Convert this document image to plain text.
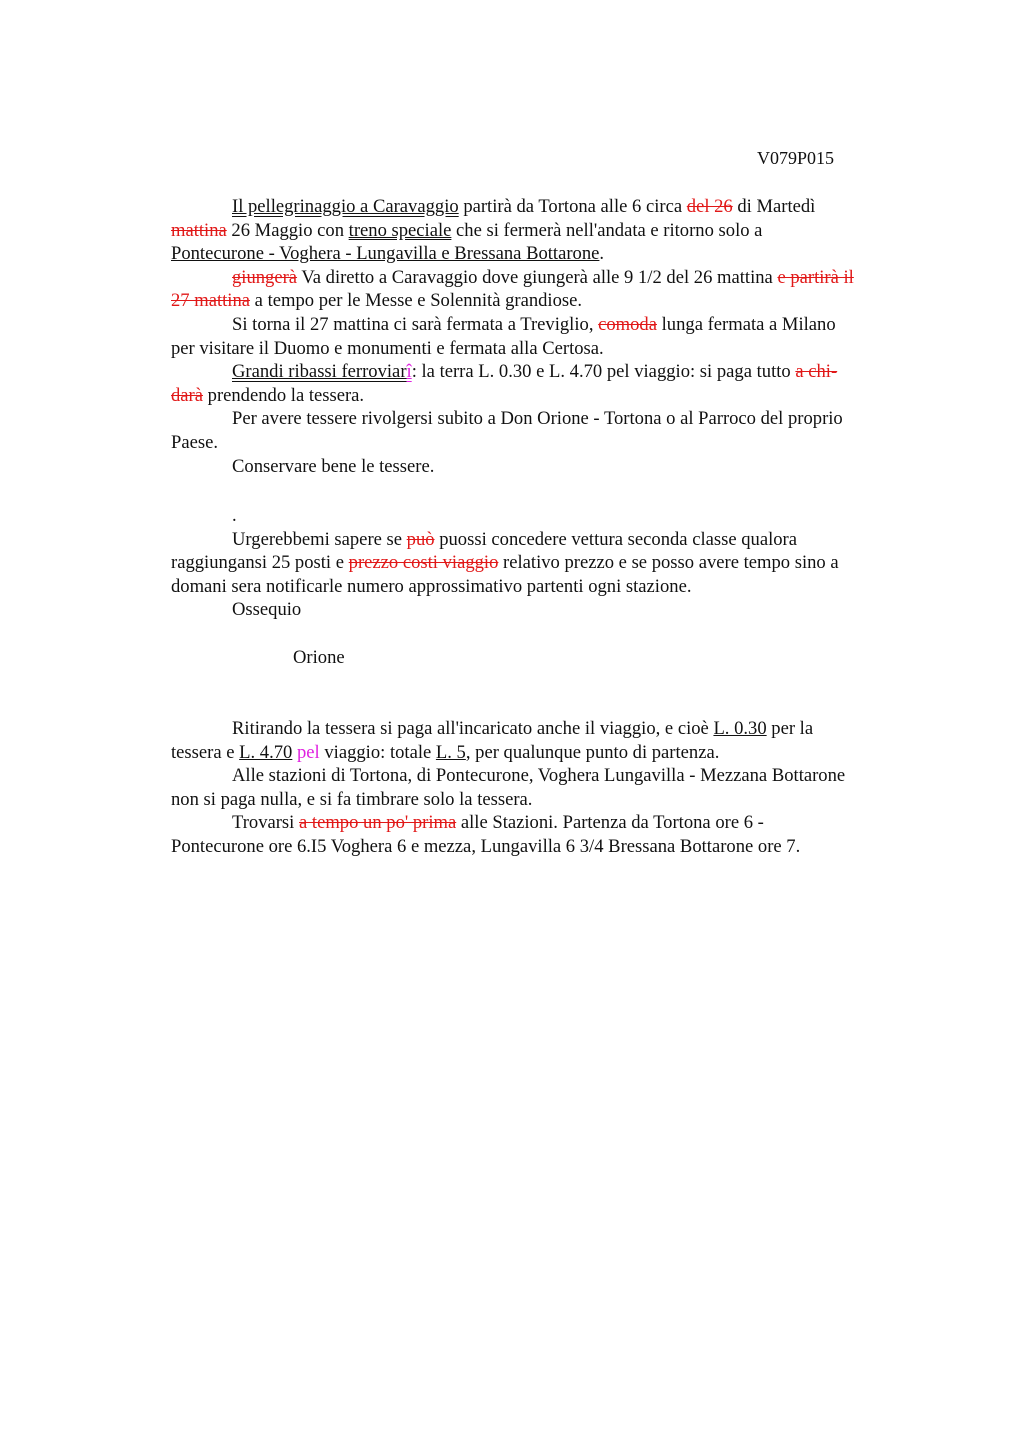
V079P015
Il pellegrinaggio a Caravaggio partirà da Tortona alle 6 circa del 26 di Martedì
mattina 26 Maggio con treno speciale che si fermerà nell'andata e ritorno solo a
Pontecurone - Voghera - Lungavilla e Bressana Bottarone.
giungerà Va diretto a Caravaggio dove giungerà alle 9 1/2 del 26 mattina e partirà il
27 mattina a tempo per le Messe e Solennità grandiose.
Si torna il 27 mattina ci sarà fermata a Treviglio, comoda lunga fermata a Milano
per visitare il Duomo e monumenti e fermata alla Certosa.
Grandi ribassi ferroviarî: la terra L. 0.30 e L. 4.70 pel viaggio: si paga tutto a chi-
darà prendendo la tessera.
Per avere tessere rivolgersi subito a Don Orione - Tortona o al Parroco del proprio
Paese.
Conservare bene le tessere.
.
Urgerebbemi sapere se può puossi concedere vettura seconda classe qualora
raggiungansi 25 posti e prezzo costi viaggio relativo prezzo e se posso avere tempo sino a
domani sera notificarle numero approssimativo partenti ogni stazione.
Ossequio
Orione
Ritirando la tessera si paga all'incaricato anche il viaggio, e cioè L. 0.30 per la
tessera e L. 4.70 pel viaggio: totale L. 5, per qualunque punto di partenza.
Alle stazioni di Tortona, di Pontecurone, Voghera Lungavilla - Mezzana Bottarone
non si paga nulla, e si fa timbrare solo la tessera.
Trovarsi a tempo un po' prima alle Stazioni. Partenza da Tortona ore 6 -
Pontecurone ore 6.I5 Voghera 6 e mezza, Lungavilla 6 3/4 Bressana Bottarone ore 7.
